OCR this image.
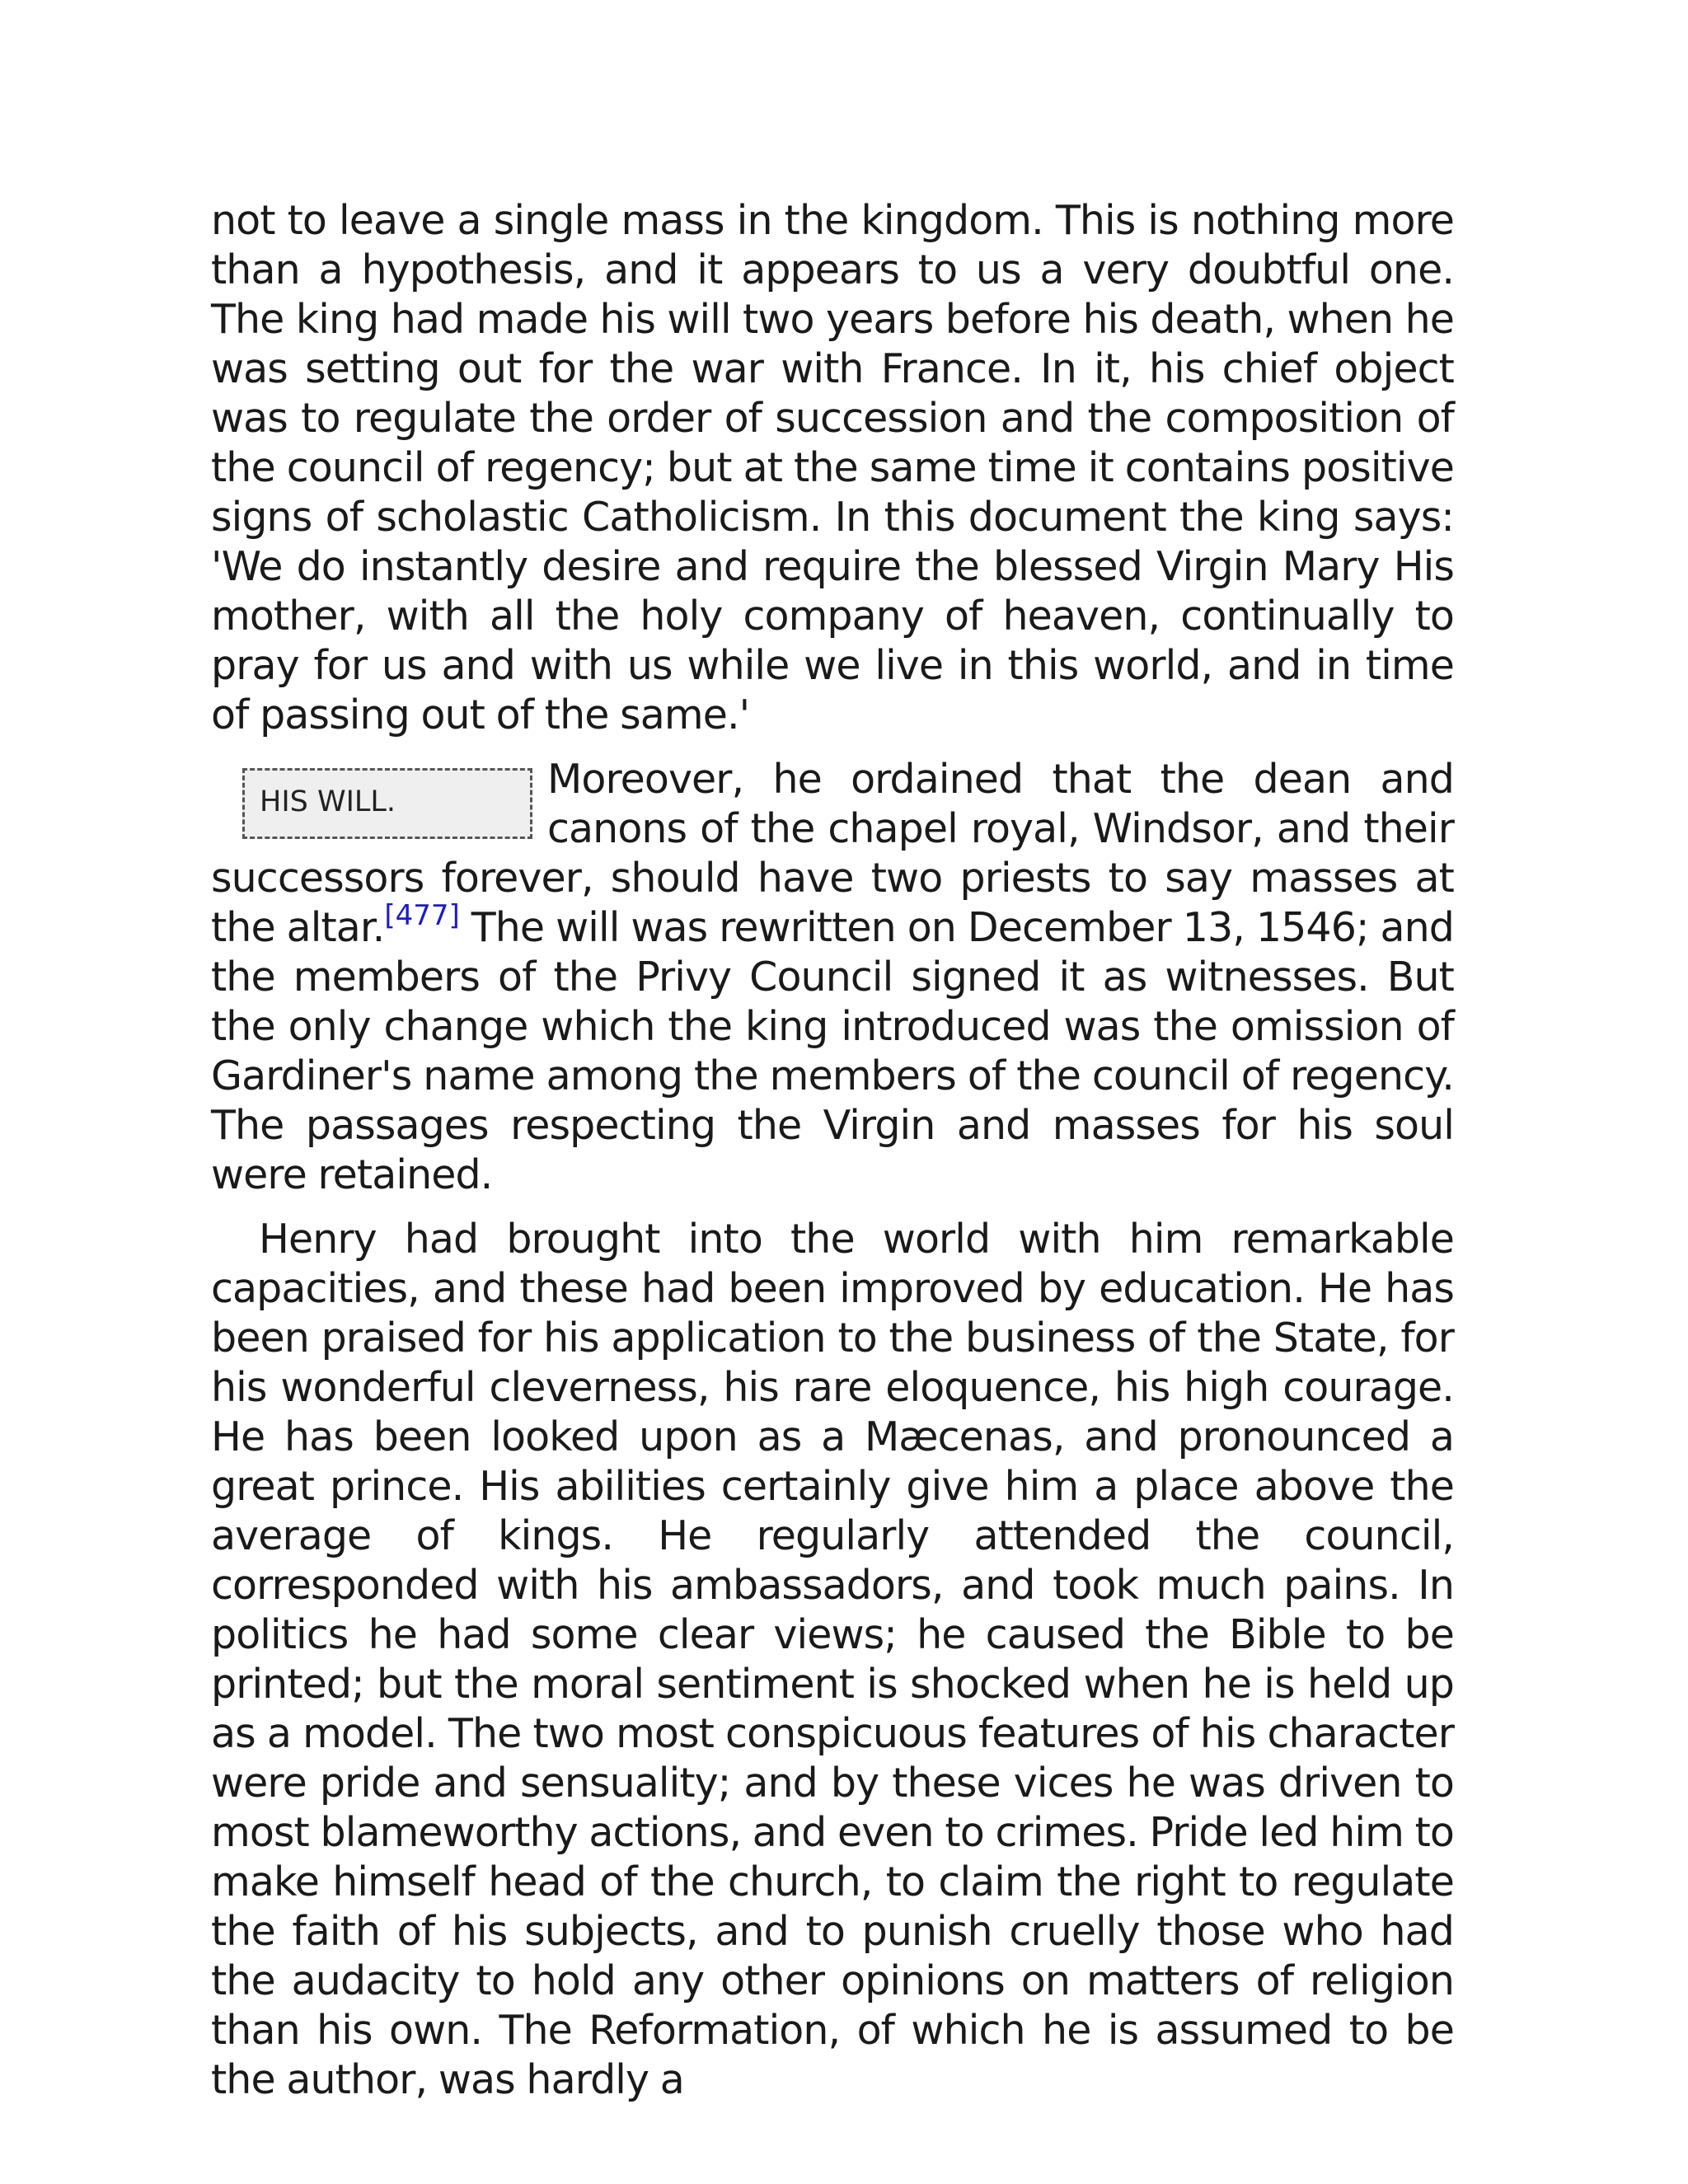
not to leave a single mass in the kingdom. This is nothing more than a hypothesis, and it appears to us a very doubtful one. The king had made his will two years before his death, when he was setting out for the war with France. In it, his chief object was to regulate the order of succession and the composition of the council of regency; but at the same time it contains positive signs of scholastic Catholicism. In this document the king says: 'We do instantly desire and require the blessed Virgin Mary His mother, with all the holy company of heaven, continually to pray for us and with us while we live in this world, and in time of passing out of the same.'

HIS WILL.	Moreover, he ordained that the dean and canons of the chapel royal, Windsor, and their successors forever, should have two priests to say masses at the altar.[477] The will was rewritten on December 13, 1546; and the members of the Privy Council signed it as witnesses. But the only change which the king introduced was the omission of Gardiner's name among the members of the council of regency. The passages respecting the Virgin and masses for his soul were retained.

Henry had brought into the world with him remarkable capacities, and these had been improved by education. He has been praised for his application to the business of the State, for his wonderful cleverness, his rare eloquence, his high courage. He has been looked upon as a Mæcenas, and pronounced a great prince. His abilities certainly give him a place above the average of kings. He regularly attended the council, corresponded with his ambassadors, and took much pains. In politics he had some clear views; he caused the Bible to be printed; but the moral sentiment is shocked when he is held up as a model. The two most conspicuous features of his character were pride and sensuality; and by these vices he was driven to most blameworthy actions, and even to crimes. Pride led him to make himself head of the church, to claim the right to regulate the faith of his subjects, and to punish cruelly those who had the audacity to hold any other opinions on matters of religion than his own. The Reformation, of which he is assumed to be the author, was hardly a
